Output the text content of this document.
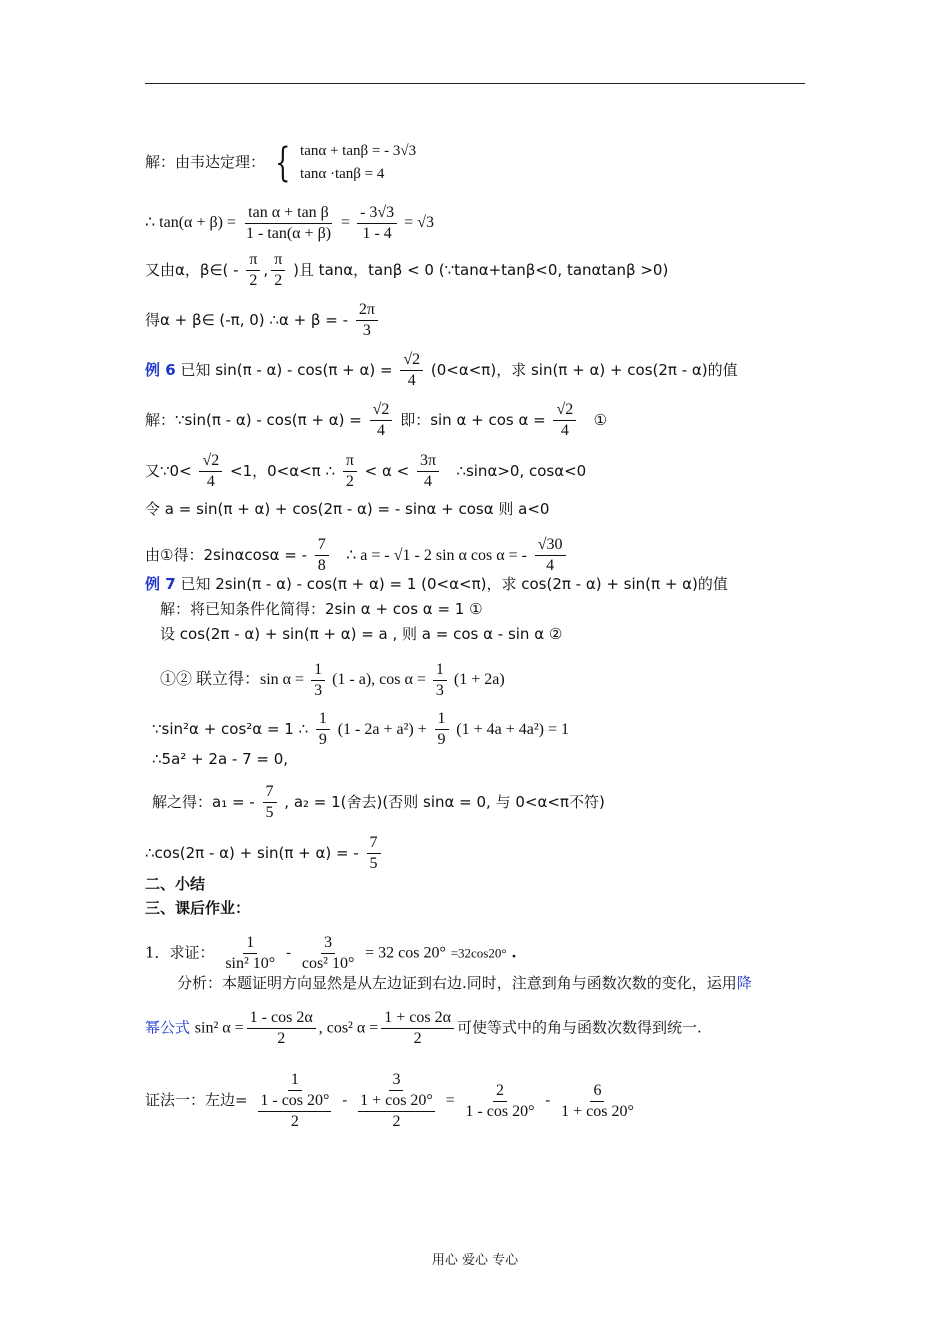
解：由韦达定理： { tanα + tanβ = - 3√3
tanα ·tanβ = 4
∴ $\tan(\alpha + \beta) = \frac{\text{tan α + tan β}}{1 - \tan(\alpha + \beta)} = \frac{- 3√3}{1 - 4} = √3$
又由α，β∈( - $\frac{\pi}{2}$ , $\frac{\pi}{2}$ )且 tanα，tanβ < 0 (∵tanα+tanβ<0, tanαtanβ >0)
得α + β∈ (-π, 0) ∴α + β = - $\frac{2\pi}{3}$
例 6 已知 $\sin(\pi - \alpha) - \cos(\pi + \alpha) = \frac{√2}{4} (0<\alpha<\pi)$，求 sin(π + α) + cos(2π - α)的值
解：∵sin(π - $\alpha) - \cos(\pi + \alpha) = \frac{√2}{4}$ 即：$\sin \alpha + \cos \alpha = \frac{√2}{4}$ ①
又∵0< $\frac{√2}{4} <1$，0<α<π ∴ $\frac{\pi}{2} < \alpha < \frac{3\pi}{4}$ ∴sinα>0, cosα<0
令 a = sin(π + α) + cos(2π - α) = - sinα + cosα 则 a<0
由①得：2sinαcosα = - $\frac{7}{8}$ ∴ a = - √1 - 2 sin α cos α = - $\frac{√30}{4}$
例 7 已知 2sin(π - α) - cos(π + α) = 1 (0<α<π)，求 cos(2π - α) + sin(π + α)的值
解：将已知条件化简得：2sin α + cos α = 1 ①
设 cos(2π - α) + sin(π + α) = a , 则 a = cos α - sin α ②
①② 联立得：$\sin \alpha = \frac{1}{3} (1 - a)$, $\cos \alpha = \frac{1}{3} (1 + 2a)$
∵sin²α + cos²α = 1 ∴ $\frac{1}{9} (1 - 2a + a^2) + \frac{1}{9} (1 + 4a + 4a^2) = 1$
∴5a² + 2a - 7 = 0,
解之得：a₁ = - $\frac{7}{5}$ , a₂ = 1(舍去)(否则 sinα = 0, 与 0<α<π不符)
∴cos(2π - α) + sin(π + α) = - $\frac{7}{5}$
二、小结
三、课后作业：
1．求证： $\frac{1}{\text{sin² 10°}} - \frac{3}{\text{cos² 10°}} = 32$ cos 20° =32cos20° .
分析：本题证明方向显然是从左边证到右边.同时，注意到角与函数次数的变化，运用降
幂公式 sin² $\alpha = \frac{1 - \cos 2\alpha}{2}$ , cos² $\alpha = \frac{1 + \cos 2\alpha}{2}$ 可使等式中的角与函数次数得到统一.
证法一：左边= $\frac{1}{\frac{1 - \cos 20^\circ}{2}} - \frac{3}{\frac{1 + \cos 20^\circ}{2}} = \frac{2}{1 - \cos 20^\circ} - \frac{6}{1 + \cos 20^\circ}$
用心 爱心 专心
